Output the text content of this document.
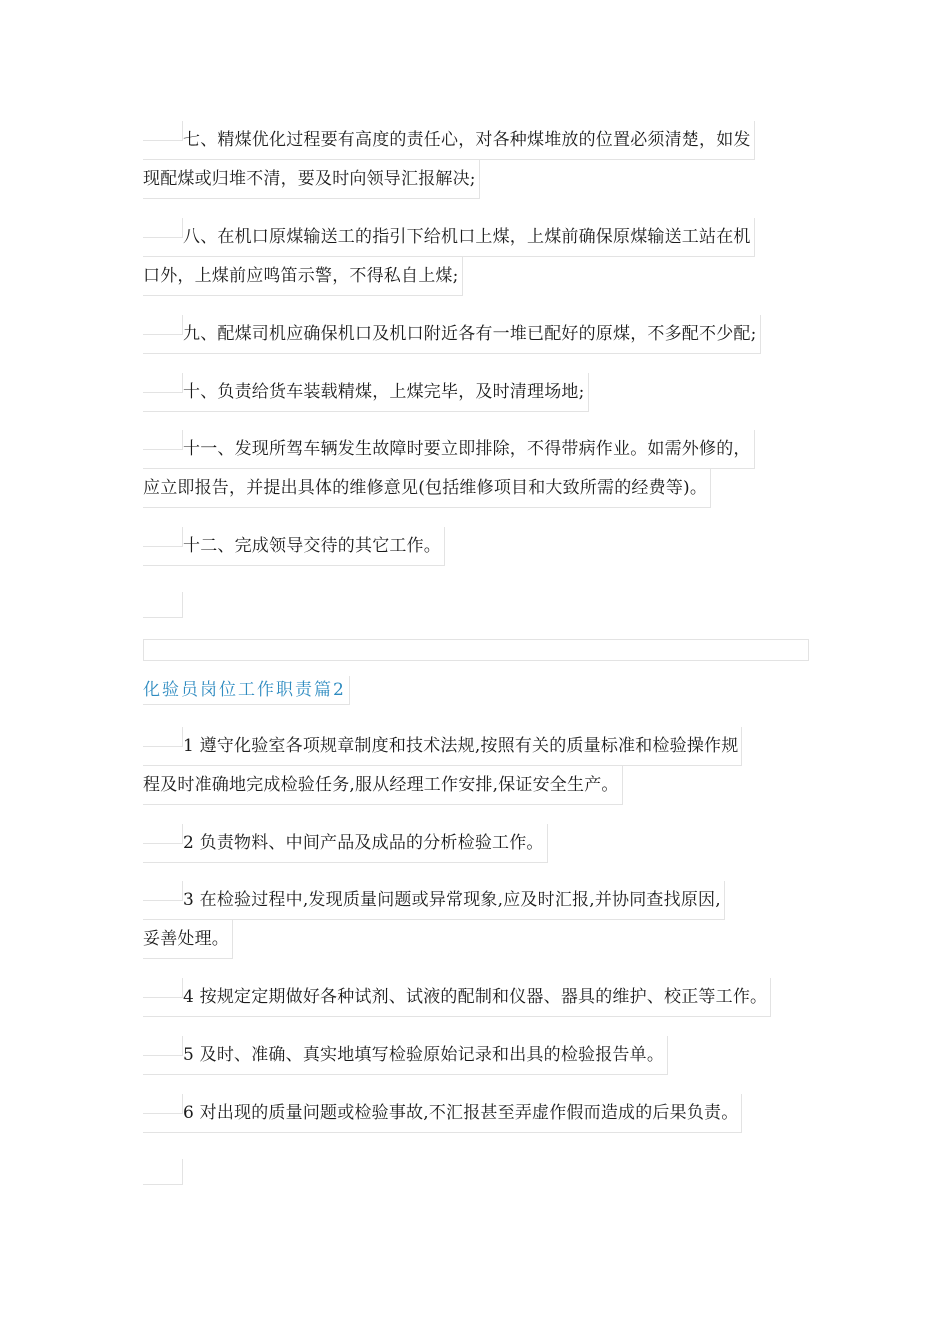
七、精煤优化过程要有高度的责任心，对各种煤堆放的位置必须清楚，如发
现配煤或归堆不清，要及时向领导汇报解决;
八、在机口原煤输送工的指引下给机口上煤，上煤前确保原煤输送工站在机
口外，上煤前应鸣笛示警，不得私自上煤;
九、配煤司机应确保机口及机口附近各有一堆已配好的原煤，不多配不少配;
十、负责给货车装载精煤，上煤完毕，及时清理场地;
十一、发现所驾车辆发生故障时要立即排除，不得带病作业。如需外修的，
应立即报告，并提出具体的维修意见(包括维修项目和大致所需的经费等)。
十二、完成领导交待的其它工作。
化验员岗位工作职责篇2
1 遵守化验室各项规章制度和技术法规,按照有关的质量标准和检验操作规
程及时准确地完成检验任务,服从经理工作安排,保证安全生产。
2 负责物料、中间产品及成品的分析检验工作。
3 在检验过程中,发现质量问题或异常现象,应及时汇报,并协同查找原因,
妥善处理。
4 按规定定期做好各种试剂、试液的配制和仪器、器具的维护、校正等工作。
5 及时、准确、真实地填写检验原始记录和出具的检验报告单。
6 对出现的质量问题或检验事故,不汇报甚至弄虚作假而造成的后果负责。
